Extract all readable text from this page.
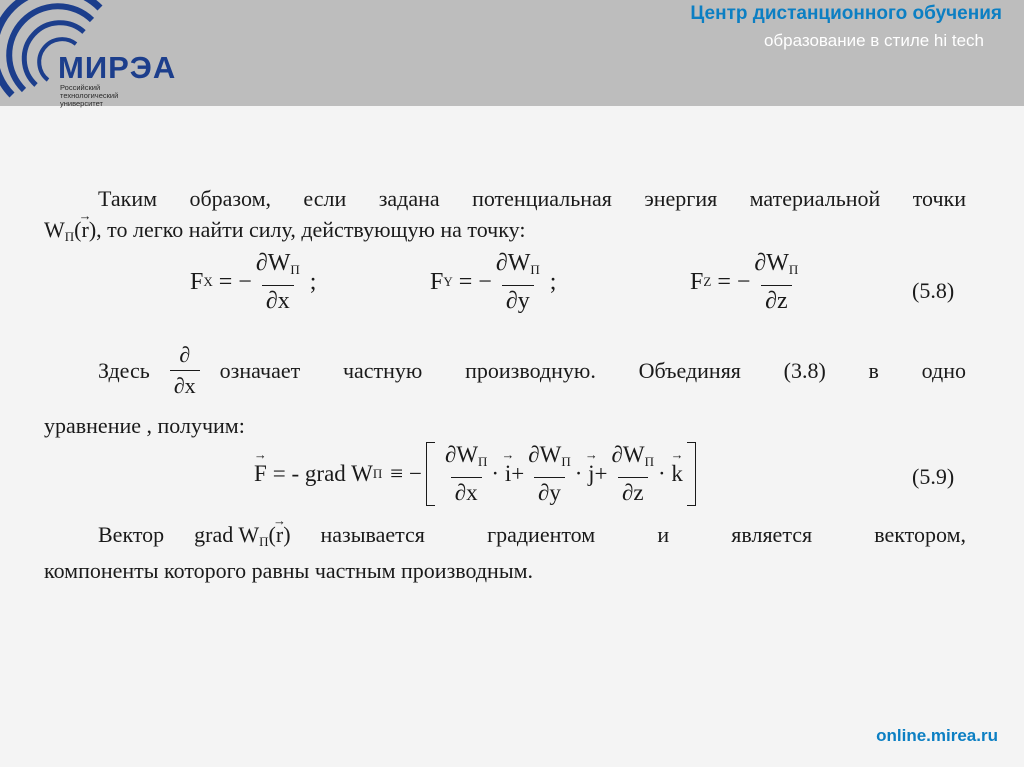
МИРЭА
Российский технологический университет
Центр дистанционного обучения
образование в стиле hi tech
Таким образом, если задана потенциальная энергия материальной точки
$W_П(\to r)$, то легко найти силу, действующую на точку:
F X = − $\frac{\partial W_П}{\partial x}$ ;	F Y = − $\frac{\partial W_П}{\partial y}$ ;	F Z = − $\frac{\partial W_П}{\partial z}$	(5.8)
Здесь $\frac{\partial}{\partial x}$ означает частную производную. Объединяя (3.8) в одно
уравнение , получим:
→ F = - grad W П ≡ − $\frac{\partial W_П}{\partial x}$ ·
→ $i + \frac{\partial W_П}{\partial y}$ ·
→ $j + \frac{\partial W_П}{\partial z}$ ·
→ k	(5.9)
Вектор grad $W_П(\to r)$ называется градиентом и является вектором,
компоненты которого равны частным производным.
online.mirea.ru
